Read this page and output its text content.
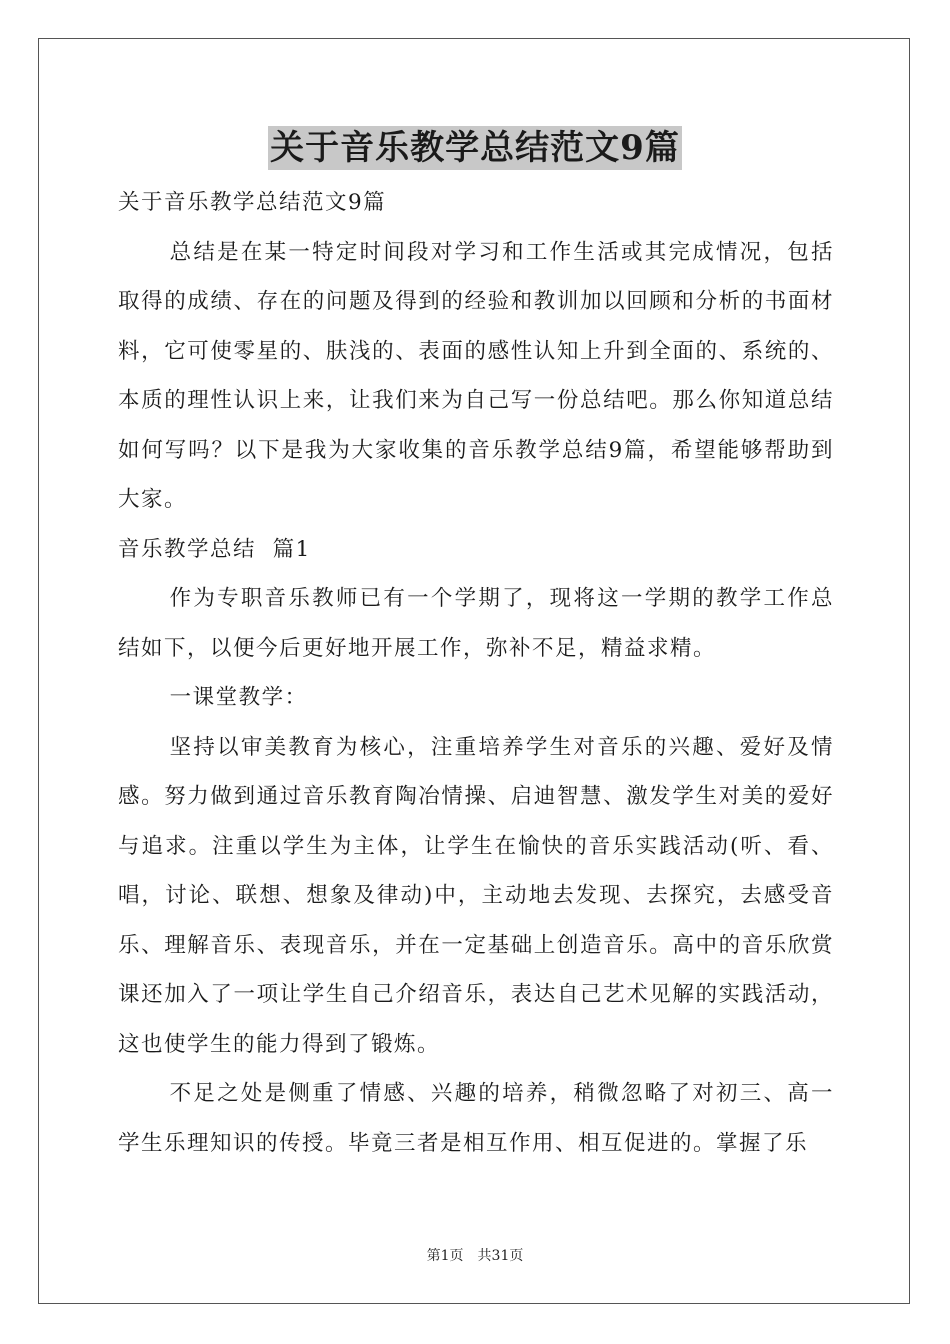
关于音乐教学总结范文9篇

关于音乐教学总结范文9篇

总结是在某一特定时间段对学习和工作生活或其完成情况，包括取得的成绩、存在的问题及得到的经验和教训加以回顾和分析的书面材料，它可使零星的、肤浅的、表面的感性认知上升到全面的、系统的、本质的理性认识上来，让我们来为自己写一份总结吧。那么你知道总结如何写吗？以下是我为大家收集的音乐教学总结9篇，希望能够帮助到大家。

音乐教学总结  篇1

作为专职音乐教师已有一个学期了，现将这一学期的教学工作总结如下，以便今后更好地开展工作，弥补不足，精益求精。

一课堂教学：

坚持以审美教育为核心，注重培养学生对音乐的兴趣、爱好及情感。努力做到通过音乐教育陶冶情操、启迪智慧、激发学生对美的爱好与追求。注重以学生为主体，让学生在愉快的音乐实践活动(听、看、唱，讨论、联想、想象及律动)中，主动地去发现、去探究，去感受音乐、理解音乐、表现音乐，并在一定基础上创造音乐。高中的音乐欣赏课还加入了一项让学生自己介绍音乐，表达自己艺术见解的实践活动，这也使学生的能力得到了锻炼。

不足之处是侧重了情感、兴趣的培养，稍微忽略了对初三、高一学生乐理知识的传授。毕竟三者是相互作用、相互促进的。掌握了乐

第1页 共31页
